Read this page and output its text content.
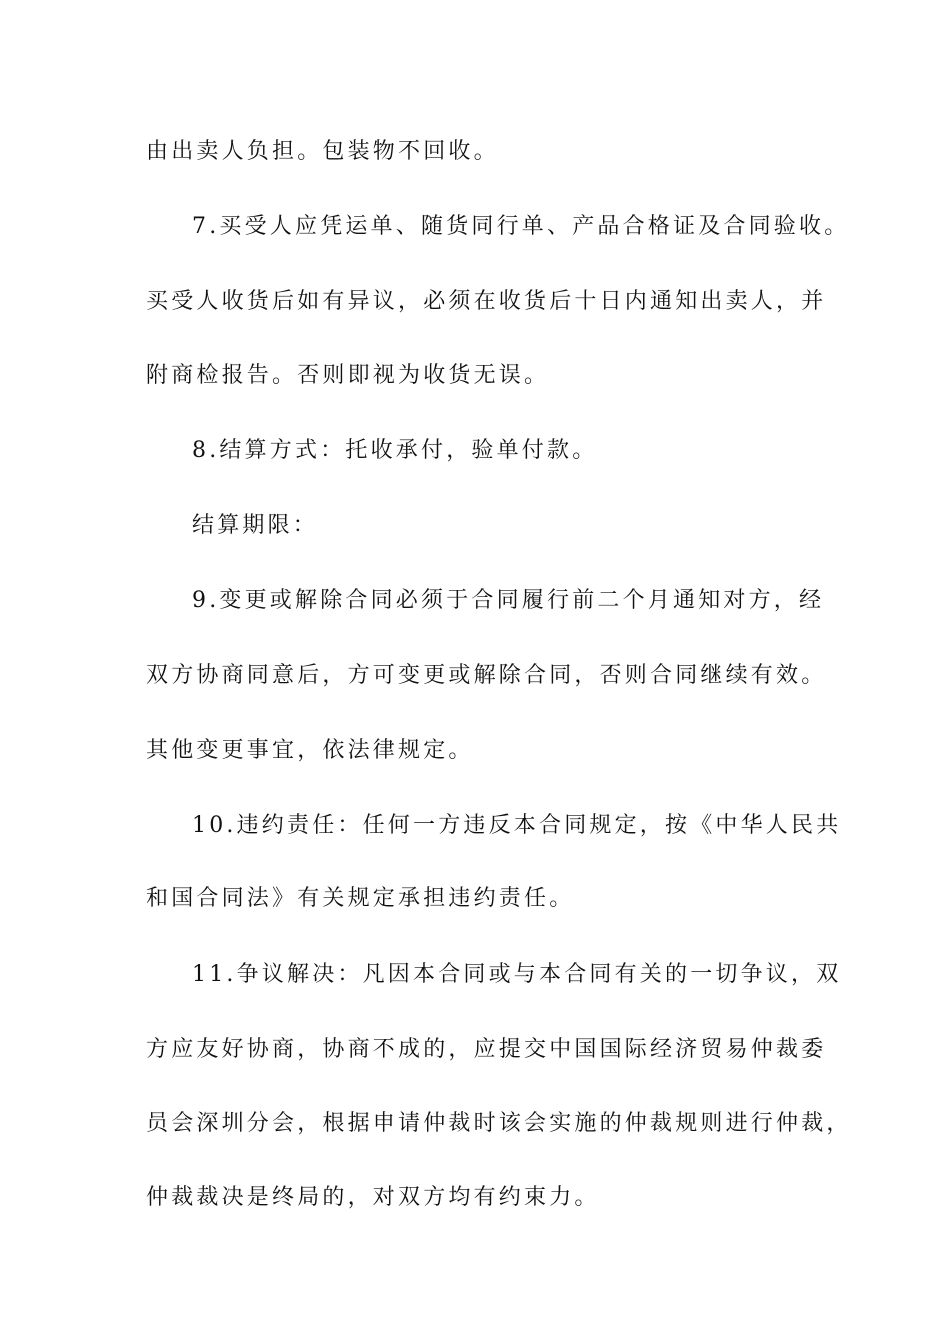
由出卖人负担。包装物不回收。
7.买受人应凭运单、随货同行单、产品合格证及合同验收。
买受人收货后如有异议，必须在收货后十日内通知出卖人，并
附商检报告。否则即视为收货无误。
8.结算方式：托收承付，验单付款。
结算期限：
9.变更或解除合同必须于合同履行前二个月通知对方，经
双方协商同意后，方可变更或解除合同，否则合同继续有效。
其他变更事宜，依法律规定。
10.违约责任：任何一方违反本合同规定，按《中华人民共
和国合同法》有关规定承担违约责任。
11.争议解决：凡因本合同或与本合同有关的一切争议，双
方应友好协商，协商不成的，应提交中国国际经济贸易仲裁委
员会深圳分会，根据申请仲裁时该会实施的仲裁规则进行仲裁，
仲裁裁决是终局的，对双方均有约束力。
